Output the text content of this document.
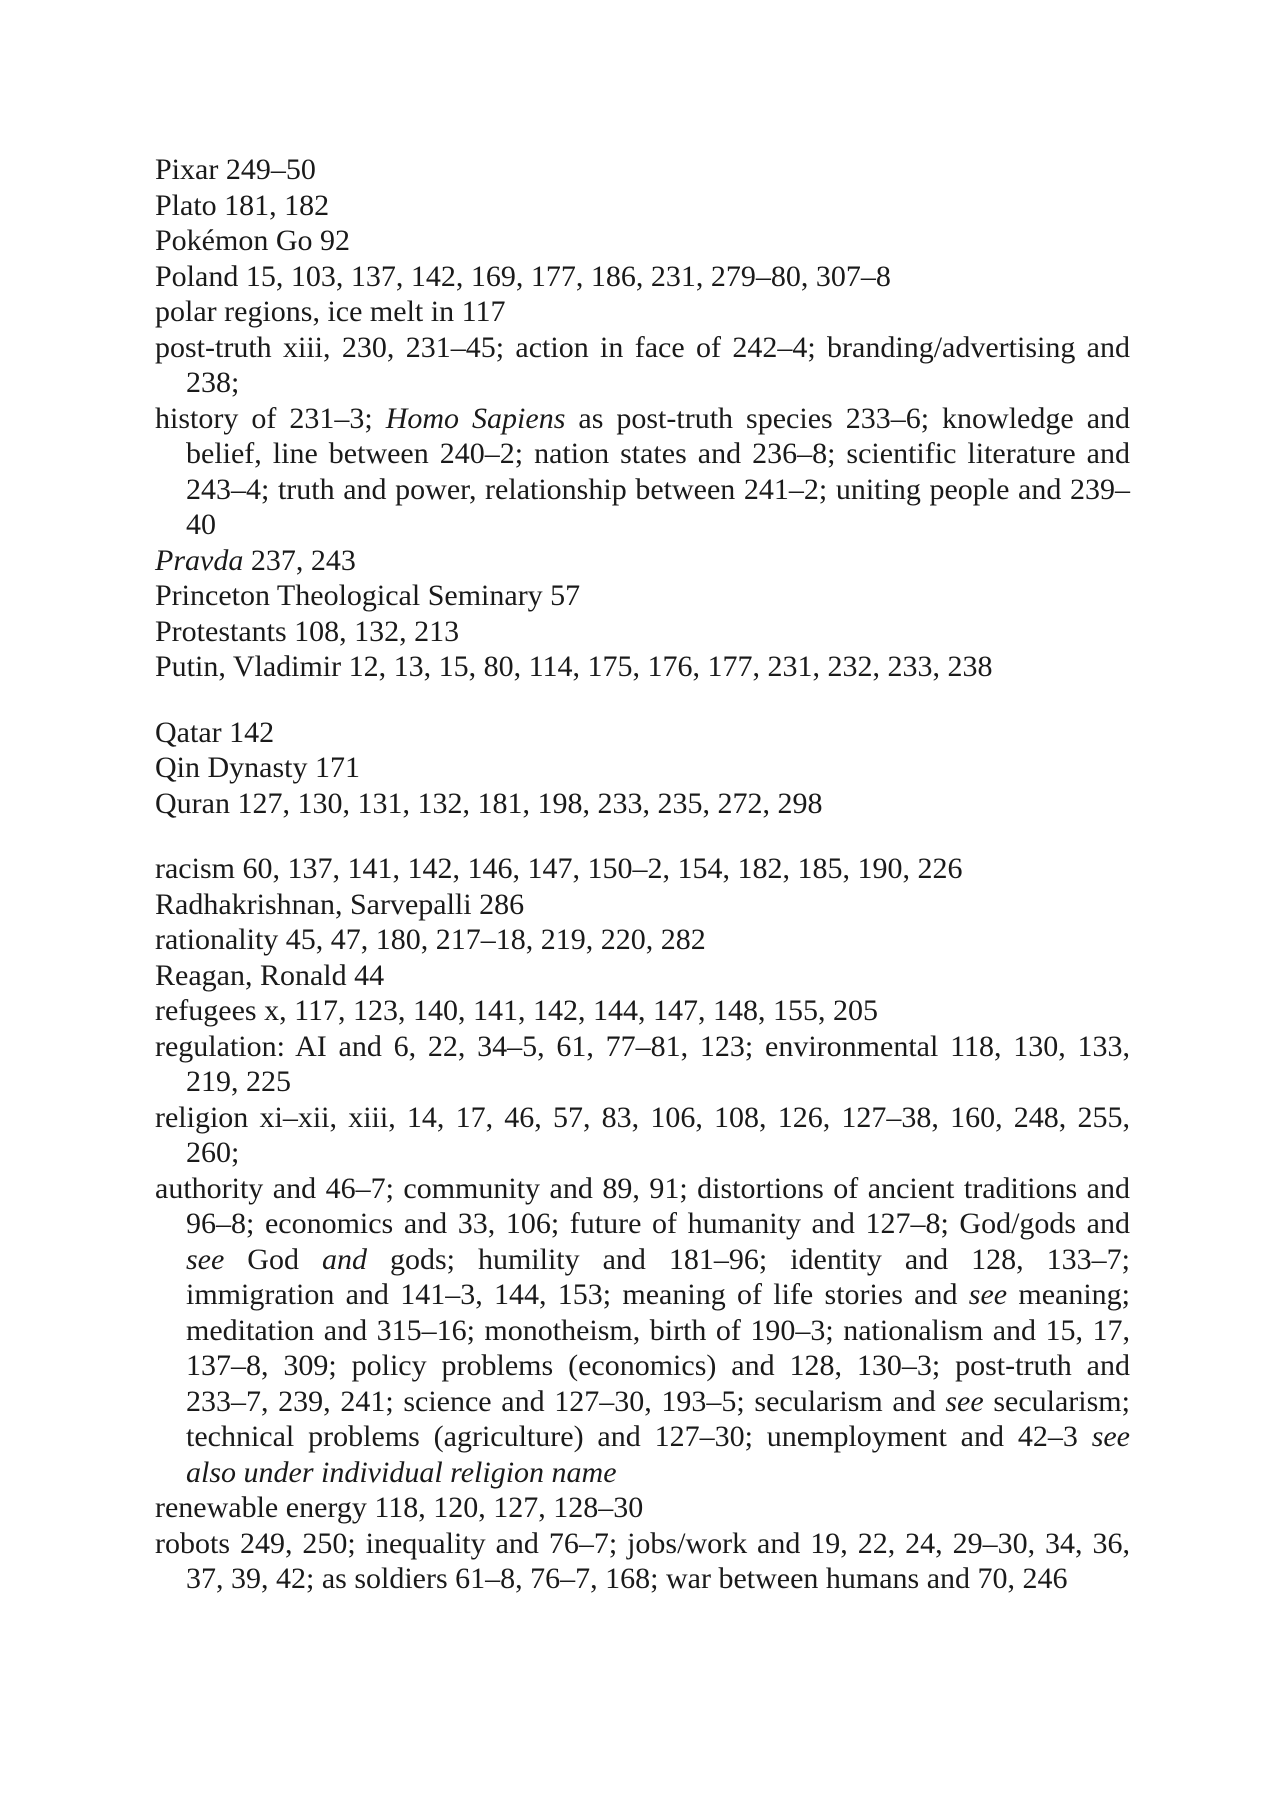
Pixar 249–50
Plato 181, 182
Pokémon Go 92
Poland 15, 103, 137, 142, 169, 177, 186, 231, 279–80, 307–8
polar regions, ice melt in 117
post-truth xiii, 230, 231–45; action in face of 242–4; branding/advertising and 238;
history of 231–3; Homo Sapiens as post-truth species 233–6; knowledge and belief, line between 240–2; nation states and 236–8; scientific literature and 243–4; truth and power, relationship between 241–2; uniting people and 239–40
Pravda 237, 243
Princeton Theological Seminary 57
Protestants 108, 132, 213
Putin, Vladimir 12, 13, 15, 80, 114, 175, 176, 177, 231, 232, 233, 238
Qatar 142
Qin Dynasty 171
Quran 127, 130, 131, 132, 181, 198, 233, 235, 272, 298
racism 60, 137, 141, 142, 146, 147, 150–2, 154, 182, 185, 190, 226
Radhakrishnan, Sarvepalli 286
rationality 45, 47, 180, 217–18, 219, 220, 282
Reagan, Ronald 44
refugees x, 117, 123, 140, 141, 142, 144, 147, 148, 155, 205
regulation: AI and 6, 22, 34–5, 61, 77–81, 123; environmental 118, 130, 133, 219, 225
religion xi–xii, xiii, 14, 17, 46, 57, 83, 106, 108, 126, 127–38, 160, 248, 255, 260;
authority and 46–7; community and 89, 91; distortions of ancient traditions and 96–8; economics and 33, 106; future of humanity and 127–8; God/gods and see God and gods; humility and 181–96; identity and 128, 133–7; immigration and 141–3, 144, 153; meaning of life stories and see meaning; meditation and 315–16; monotheism, birth of 190–3; nationalism and 15, 17, 137–8, 309; policy problems (economics) and 128, 130–3; post-truth and 233–7, 239, 241; science and 127–30, 193–5; secularism and see secularism; technical problems (agriculture) and 127–30; unemployment and 42–3 see also under individual religion name
renewable energy 118, 120, 127, 128–30
robots 249, 250; inequality and 76–7; jobs/work and 19, 22, 24, 29–30, 34, 36, 37, 39, 42; as soldiers 61–8, 76–7, 168; war between humans and 70, 246
